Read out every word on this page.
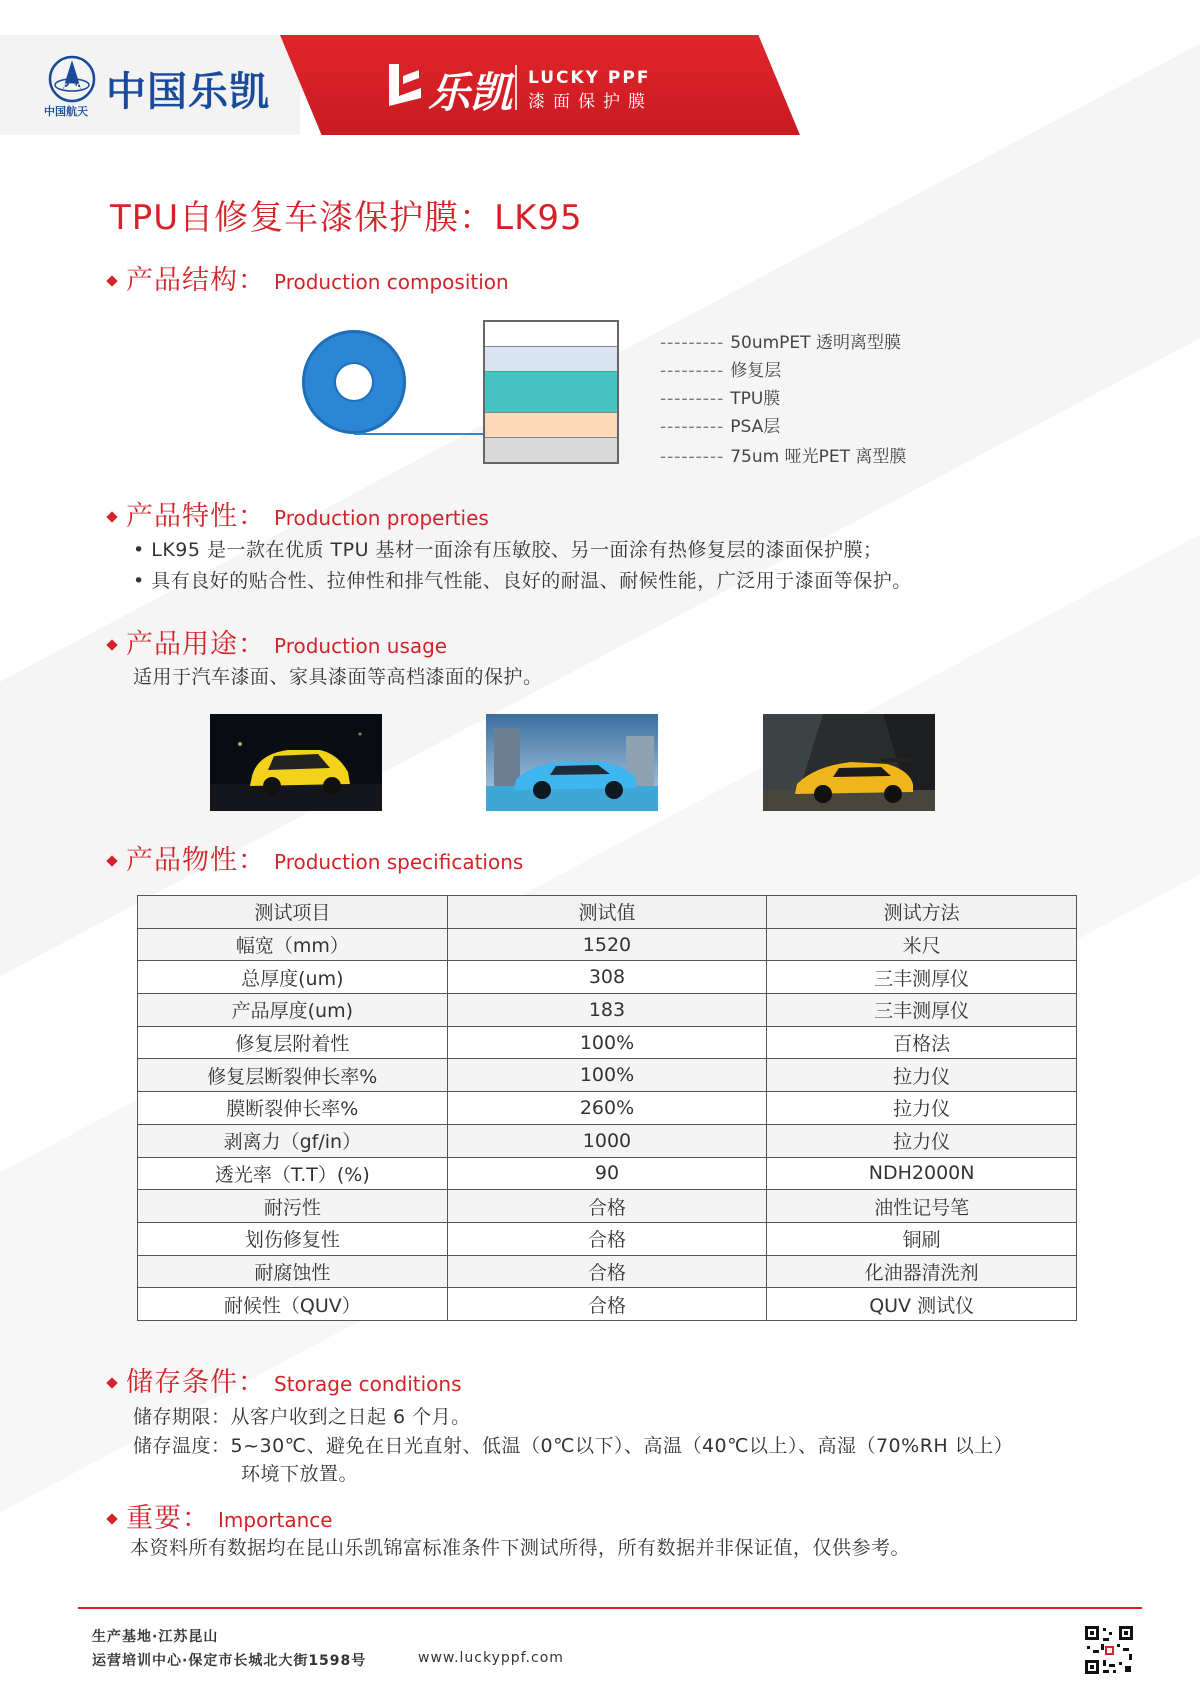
CASC
中国航天 中国乐凯	乐凯 LUCKY PPF
漆面保护膜
TPU自修复车漆保护膜：LK95
产品结构： Production composition
--------- 50umPET 透明离型膜
--------- 修复层
--------- TPU膜
--------- PSA层
--------- 75um 哑光PET 离型膜
产品特性： Production properties
• LK95 是一款在优质 TPU 基材一面涂有压敏胶、另一面涂有热修复层的漆面保护膜；
• 具有良好的贴合性、拉伸性和排气性能、良好的耐温、耐候性能，广泛用于漆面等保护。
产品用途： Production usage
适用于汽车漆面、家具漆面等高档漆面的保护。
产品物性： Production specifications
测试项目	测试值	测试方法
幅宽（mm）	1520	米尺
总厚度(um)	308	三丰测厚仪
产品厚度(um)	183	三丰测厚仪
修复层附着性	100%	百格法
修复层断裂伸长率%	100%	拉力仪
膜断裂伸长率%	260%	拉力仪
剥离力（gf/in）	1000	拉力仪
透光率（T.T）(%)	90	NDH2000N
耐污性	合格	油性记号笔
划伤修复性	合格	铜刷
耐腐蚀性	合格	化油器清洗剂
耐候性（QUV）	合格	QUV 测试仪
储存条件： Storage conditions
储存期限：从客户收到之日起 6 个月。
储存温度：5~30℃、避免在日光直射、低温（0℃以下）、高温（40℃以上）、高湿（70%RH 以上）
环境下放置。
重要： Importance
本资料所有数据均在昆山乐凯锦富标准条件下测试所得，所有数据并非保证值，仅供参考。
生产基地·江苏昆山
运营培训中心·保定市长城北大街1598号	www.luckyppf.com
